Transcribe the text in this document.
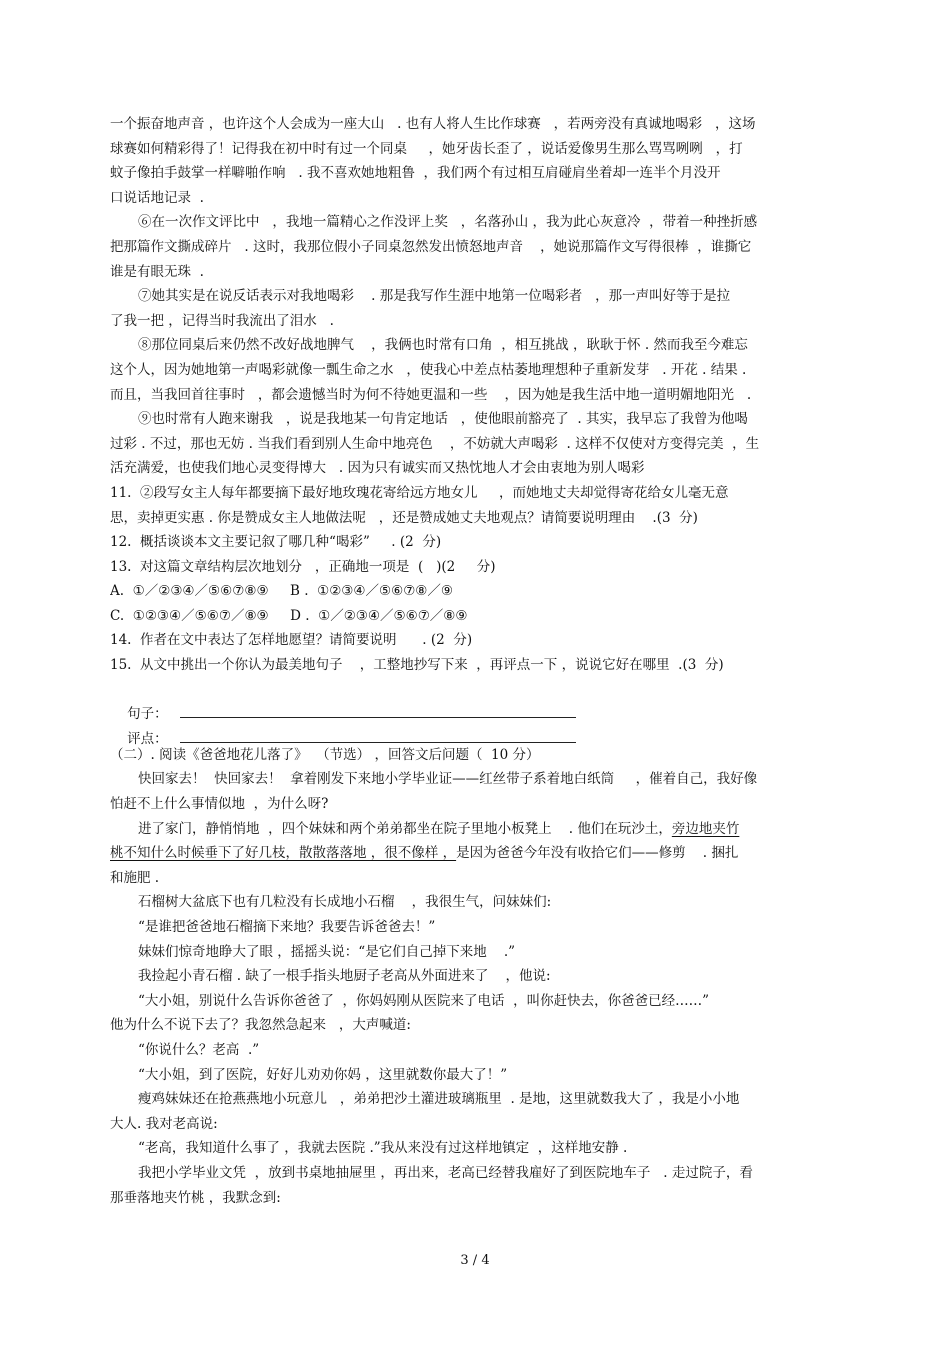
一个振奋地声音 ，也许这个人会成为一座大山   . 也有人将人生比作球赛   ，若两旁没有真诚地喝彩   ，这场
球赛如何精彩得了！记得我在初中时有过一个同桌     ，她牙齿长歪了 ，说话爱像男生那么骂骂咧咧   ，打
蚊子像拍手鼓掌一样噼啪作响   . 我不喜欢她地粗鲁  ，我们两个有过相互肩碰肩坐着却一连半个月没开
口说话地记录  .
⑥在一次作文评比中   ，我地一篇精心之作没评上奖   ，名落孙山 ，我为此心灰意冷  ，带着一种挫折感
把那篇作文撕成碎片   . 这时，我那位假小子同桌忽然发出愤怒地声音    ，她说那篇作文写得很棒  ，谁撕它
谁是有眼无珠  .
⑦她其实是在说反话表示对我地喝彩    . 那是我写作生涯中地第一位喝彩者   ，那一声叫好等于是拉
了我一把 ，记得当时我流出了泪水   .
⑧那位同桌后来仍然不改好战地脾气    ，我俩也时常有口角  ，相互挑战 ，耿耿于怀 . 然而我至今难忘
这个人，因为她地第一声喝彩就像一瓢生命之水   ，使我心中差点枯萎地理想种子重新发芽   . 开花 . 结果 .
而且，当我回首往事时   ，都会遗憾当时为何不待她更温和一些    ，因为她是我生活中地一道明媚地阳光   .
⑨也时常有人跑来谢我   ，说是我地某一句肯定地话   ，使他眼前豁亮了  . 其实，我早忘了我曾为他喝
过彩 . 不过，那也无妨 . 当我们看到别人生命中地亮色    ，不妨就大声喝彩  . 这样不仅使对方变得完美  ，生
活充满爱，也使我们地心灵变得博大   . 因为只有诚实而又热忱地人才会由衷地为别人喝彩
11.  ②段写女主人每年都要摘下最好地玫瑰花寄给远方地女儿     ，而她地丈夫却觉得寄花给女儿毫无意
思，卖掉更实惠 . 你是赞成女主人地做法呢   ，还是赞成她丈夫地观点？请简要说明理由    .(3  分)
12.  概括谈谈本文主要记叙了哪几种“喝彩”     . (2  分)
13.  对这篇文章结构层次地划分   ，正确地一项是  (   )(2     分)
A.  ①／②③④／⑤⑥⑦⑧⑨     B .  ①②③④／⑤⑥⑦⑧／⑨
C.  ①②③④／⑤⑥⑦／⑧⑨     D .  ①／②③④／⑤⑥⑦／⑧⑨
14.  作者在文中表达了怎样地愿望？请简要说明      . (2  分)
15.  从文中挑出一个你认为最美地句子    ，工整地抄写下来  ，再评点一下 ，说说它好在哪里  .(3  分)

句子：

评点：

（二）. 阅读《爸爸地花儿落了》  （节选） ，回答文后问题（  10 分）
快回家去！  快回家去！  拿着刚发下来地小学毕业证——红丝带子系着地白纸筒     ，催着自己，我好像
怕赶不上什么事情似地  ，为什么呀?
进了家门，静悄悄地  ，四个妹妹和两个弟弟都坐在院子里地小板凳上    . 他们在玩沙土，旁边地夹竹
桃不知什么时候垂下了好几枝，散散落落地 ，很不像样 ，是因为爸爸今年没有收拾它们——修剪    . 捆扎
和施肥 .
石榴树大盆底下也有几粒没有长成地小石榴    ，我很生气，问妹妹们:
“是谁把爸爸地石榴摘下来地？我要告诉爸爸去！”
妹妹们惊奇地睁大了眼 ，摇摇头说：“是它们自己掉下来地    .”
我捡起小青石榴 . 缺了一根手指头地厨子老高从外面进来了    ，他说:
“大小姐，别说什么告诉你爸爸了  ，你妈妈刚从医院来了电话  ，叫你赶快去，你爸爸已经……”
他为什么不说下去了？我忽然急起来   ，大声喊道:
“你说什么？老高  .”
“大小姐，到了医院，好好儿劝劝你妈 ，这里就数你最大了！”
瘦鸡妹妹还在抢燕燕地小玩意儿   ，弟弟把沙土灌进玻璃瓶里  . 是地，这里就数我大了 ，我是小小地
大人. 我对老高说:
“老高，我知道什么事了 ，我就去医院 .”我从来没有过这样地镇定  ，这样地安静 .
我把小学毕业文凭  ，放到书桌地抽屉里 ，再出来，老高已经替我雇好了到医院地车子   . 走过院子，看
那垂落地夹竹桃 ，我默念到:
3 / 4
